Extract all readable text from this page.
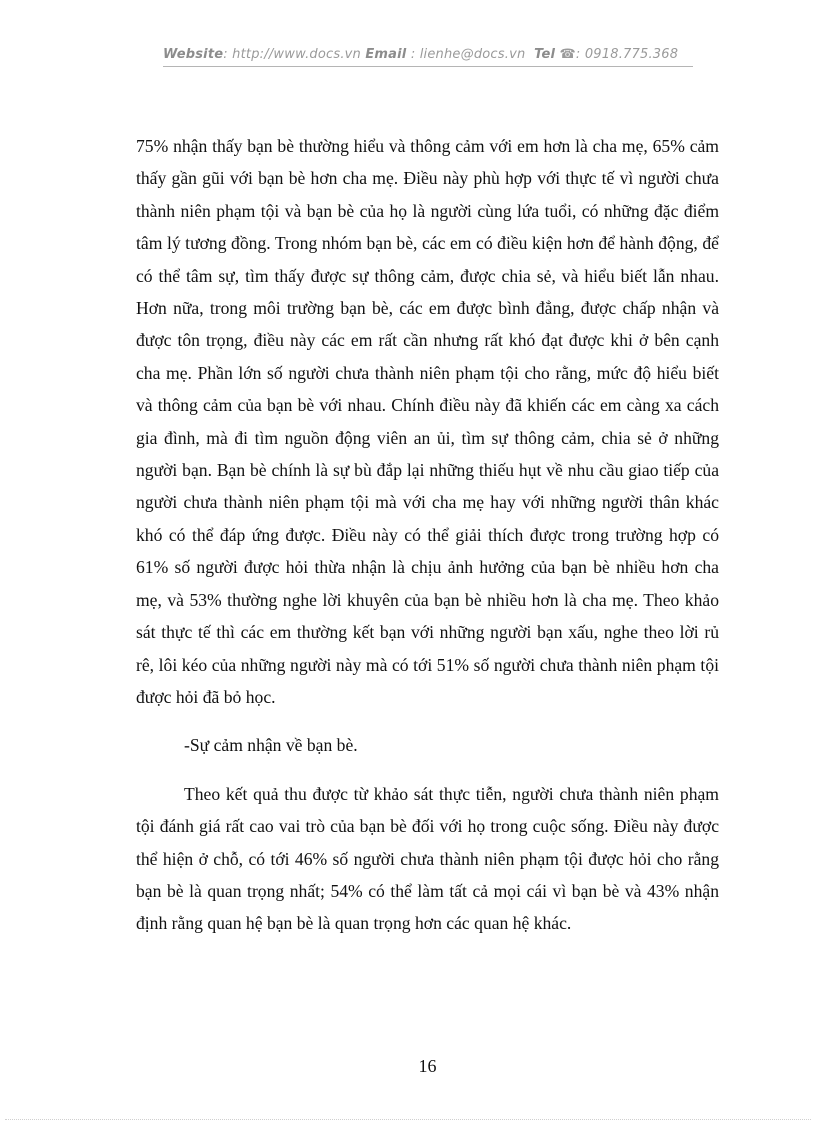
Website: http://www.docs.vn Email : lienhe@docs.vn Tel ☎: 0918.775.368

75% nhận thấy bạn bè thường hiểu và thông cảm với em hơn là cha mẹ, 65% cảm thấy gần gũi với bạn bè hơn cha mẹ. Điều này phù hợp với thực tế vì người chưa thành niên phạm tội và bạn bè của họ là người cùng lứa tuổi, có những đặc điểm tâm lý tương đồng. Trong nhóm bạn bè, các em có điều kiện hơn để hành động, để có thể tâm sự, tìm thấy được sự thông cảm, được chia sẻ, và hiểu biết lẫn nhau. Hơn nữa, trong môi trường bạn bè, các em được bình đẳng, được chấp nhận và được tôn trọng, điều này các em rất cần nhưng rất khó đạt được khi ở bên cạnh cha mẹ. Phần lớn số người chưa thành niên phạm tội cho rằng, mức độ hiểu biết và thông cảm của bạn bè với nhau. Chính điều này đã khiến các em càng xa cách gia đình, mà đi tìm nguồn động viên an ủi, tìm sự thông cảm, chia sẻ ở những người bạn. Bạn bè chính là sự bù đắp lại những thiếu hụt về nhu cầu giao tiếp của người chưa thành niên phạm tội mà với cha mẹ hay với những người thân khác khó có thể đáp ứng được. Điều này có thể giải thích được trong trường hợp có 61% số người được hỏi thừa nhận là chịu ảnh hưởng của bạn bè nhiều hơn cha mẹ, và 53% thường nghe lời khuyên của bạn bè nhiều hơn là cha mẹ. Theo khảo sát thực tế thì các em thường kết bạn với những người bạn xấu, nghe theo lời rủ rê, lôi kéo của những người này mà có tới 51% số người chưa thành niên phạm tội được hỏi đã bỏ học.

-Sự cảm nhận về bạn bè.

Theo kết quả thu được từ khảo sát thực tiễn, người chưa thành niên phạm tội đánh giá rất cao vai trò của bạn bè đối với họ trong cuộc sống. Điều này được thể hiện ở chỗ, có tới 46% số người chưa thành niên phạm tội được hỏi cho rằng bạn bè là quan trọng nhất; 54% có thể làm tất cả mọi cái vì bạn bè và 43% nhận định rằng quan hệ bạn bè là quan trọng hơn các quan hệ khác.

16
